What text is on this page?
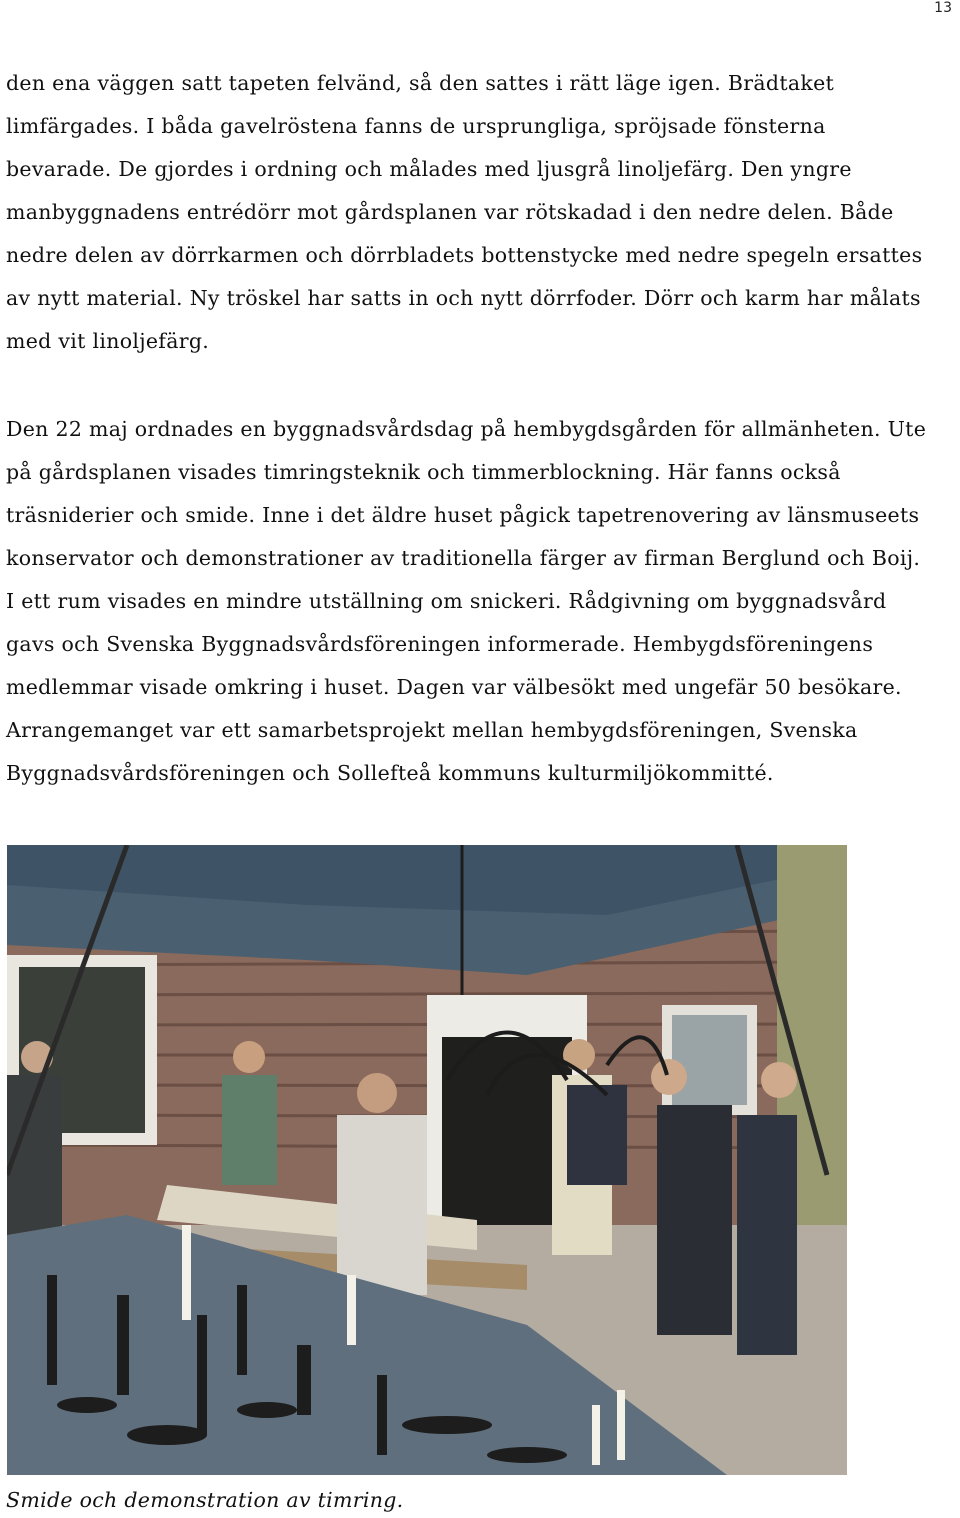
13
den ena väggen satt tapeten felvänd, så den sattes i rätt läge igen. Brädtaket
limfärgades. I båda gavelröstena fanns de ursprungliga, spröjsade fönsterna
bevarade. De gjordes i ordning och målades med ljusgrå linoljefärg. Den yngre
manbyggnadens entrédörr mot gårdsplanen var rötskadad i den nedre delen. Både
nedre delen av dörrkarmen och dörrbladets bottenstycke med nedre spegeln ersattes
av nytt material. Ny tröskel har satts in och nytt dörrfoder. Dörr och karm har målats
med vit linoljefärg.
Den 22 maj ordnades en byggnadsvårdsdag på hembygdsgården för allmänheten. Ute
på gårdsplanen visades timringsteknik och timmerblockning. Här fanns också
träsniderier och smide. Inne i det äldre huset pågick tapetrenovering av länsmuseets
konservator och demonstrationer av traditionella färger av firman Berglund och Boij.
I ett rum visades en mindre utställning om snickeri. Rådgivning om byggnadsvård
gavs och Svenska Byggnadsvårdsföreningen informerade. Hembygdsföreningens
medlemmar visade omkring i huset. Dagen var välbesökt med ungefär 50 besökare.
Arrangemanget var ett samarbetsprojekt mellan hembygdsföreningen, Svenska
Byggnadsvårdsföreningen och Sollefteå kommuns kulturmiljökommitté.

Smide och demonstration av timring.
